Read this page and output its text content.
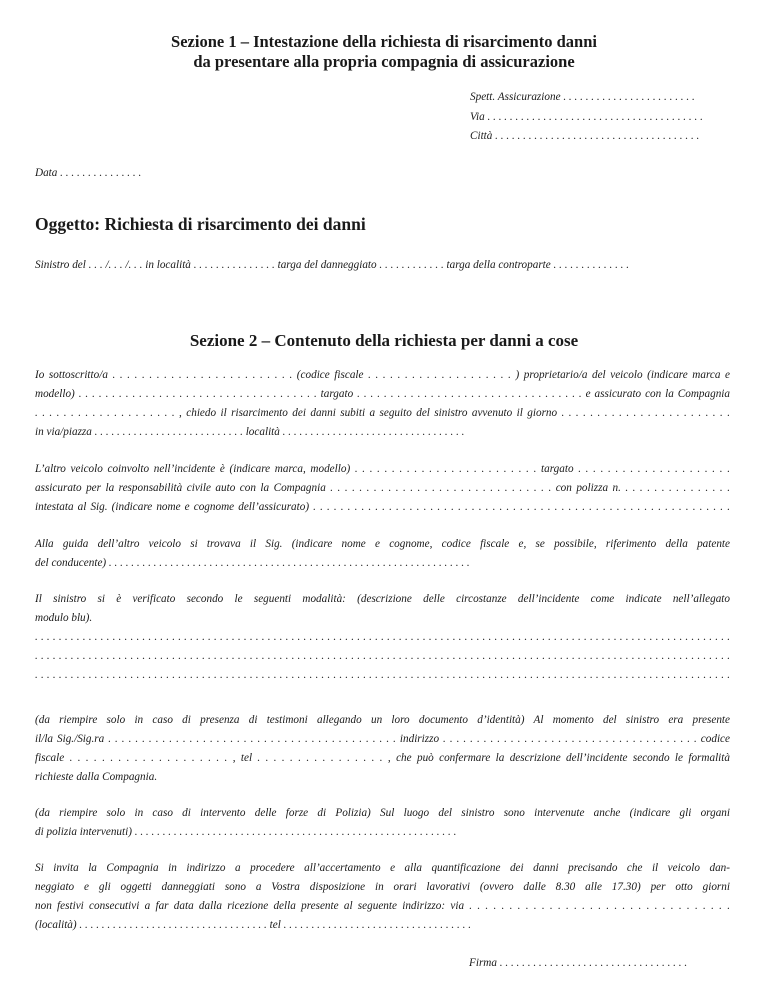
Sezione 1 – Intestazione della richiesta di risarcimento danni
da presentare alla propria compagnia di assicurazione
Spett. Assicurazione . . . . . . . . . . . . . . . . . . . . . . . .
Via . . . . . . . . . . . . . . . . . . . . . . . . . . . . . . . . . . . . . . .
Città . . . . . . . . . . . . . . . . . . . . . . . . . . . . . . . . . . . . .
Data . . . . . . . . . . . . . . .
Oggetto: Richiesta di risarcimento dei danni
Sinistro del . . . /. . . /. . . in località . . . . . . . . . . . . . . . targa del danneggiato . . . . . . . . . . . . targa della controparte . . . . . . . . . . . . . .
Sezione 2 – Contenuto della richiesta per danni a cose
Io sottoscritto/a . . . . . . . . . . . . . . . . . . . . . . . . . (codice fiscale . . . . . . . . . . . . . . . . . . . . ) proprietario/a del veicolo (indicare marca e
modello) . . . . . . . . . . . . . . . . . . . . . . . . . . . . . . . . . . . . targato . . . . . . . . . . . . . . . . . . . . . . . . . . . . . . . . . . e assicurato con la Compagnia
. . . . . . . . . . . . . . . . . . . . , chiedo il risarcimento dei danni subiti a seguito del sinistro avvenuto il giorno . . . . . . . . . . . . . . . . . . . . . . . .
in via/piazza . . . . . . . . . . . . . . . . . . . . . . . . . . . località . . . . . . . . . . . . . . . . . . . . . . . . . . . . . . . . .
L’altro veicolo coinvolto nell’incidente è (indicare marca, modello) . . . . . . . . . . . . . . . . . . . . . . . . . targato . . . . . . . . . . . . . . . . . . . . .
assicurato per la responsabilità civile auto con la Compagnia . . . . . . . . . . . . . . . . . . . . . . . . . . . . . . . con polizza n. . . . . . . . . . . . . . . .
intestata al Sig. (indicare nome e cognome dell’assicurato) . . . . . . . . . . . . . . . . . . . . . . . . . . . . . . . . . . . . . . . . . . . . . . . . . . . . . . . . . . . . .
Alla guida dell’altro veicolo si trovava il Sig. (indicare nome e cognome, codice fiscale e, se possibile, riferimento della patente
del conducente) . . . . . . . . . . . . . . . . . . . . . . . . . . . . . . . . . . . . . . . . . . . . . . . . . . . . . . . . . . . . . . . . .
Il sinistro si è verificato secondo le seguenti modalità: (descrizione delle circostanze dell’incidente come indicate nell’allegato
modulo blu).
. . . . . . . . . . . . . . . . . . . . . . . . . . . . . . . . . . . . . . . . . . . . . . . . . . . . . . . . . . . . . . . . . . . . . . . . . . . . . . . . . . . . . . . . . . . . . . . . . . . . . . . . . . . . . . . . . . . . .
. . . . . . . . . . . . . . . . . . . . . . . . . . . . . . . . . . . . . . . . . . . . . . . . . . . . . . . . . . . . . . . . . . . . . . . . . . . . . . . . . . . . . . . . . . . . . . . . . . . . . . . . . . . . . . . . . . . . .
. . . . . . . . . . . . . . . . . . . . . . . . . . . . . . . . . . . . . . . . . . . . . . . . . . . . . . . . . . . . . . . . . . . . . . . . . . . . . . . . . . . . . . . . . . . . . . . . . . . . . . . . . . . . . . . . . . . . .
(da riempire solo in caso di presenza di testimoni allegando un loro documento d’identità) Al momento del sinistro era presente
il/la Sig./Sig.ra . . . . . . . . . . . . . . . . . . . . . . . . . . . . . . . . . . . . . . . . . . . indirizzo . . . . . . . . . . . . . . . . . . . . . . . . . . . . . . . . . . . . . . codice
fiscale . . . . . . . . . . . . . . . . . . . . , tel . . . . . . . . . . . . . . . . , che può confermare la descrizione dell’incidente secondo le formalità
richieste dalla Compagnia.
(da riempire solo in caso di intervento delle forze di Polizia) Sul luogo del sinistro sono intervenute anche (indicare gli organi
di polizia intervenuti) . . . . . . . . . . . . . . . . . . . . . . . . . . . . . . . . . . . . . . . . . . . . . . . . . . . . . . . . . .
Si invita la Compagnia in indirizzo a procedere all’accertamento e alla quantificazione dei danni precisando che il veicolo dan-
neggiato e gli oggetti danneggiati sono a Vostra disposizione in orari lavorativi (ovvero dalle 8.30 alle 17.30) per otto giorni
non festivi consecutivi a far data dalla ricezione della presente al seguente indirizzo: via . . . . . . . . . . . . . . . . . . . . . . . . . . . . . . . . .
(località) . . . . . . . . . . . . . . . . . . . . . . . . . . . . . . . . . . tel . . . . . . . . . . . . . . . . . . . . . . . . . . . . . . . . . .
Firma . . . . . . . . . . . . . . . . . . . . . . . . . . . . . . . . . .
